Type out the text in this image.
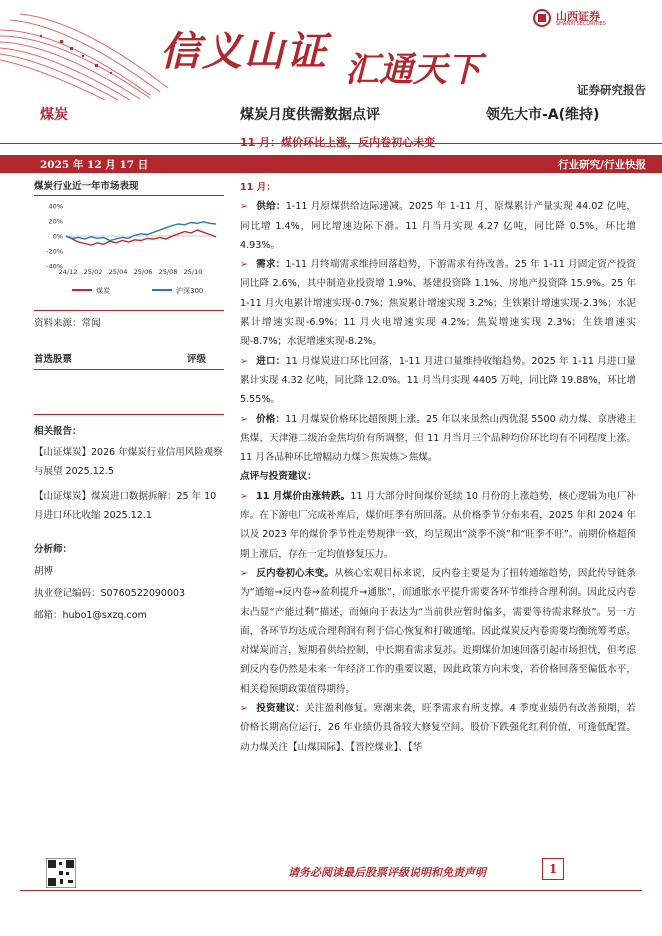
信义山证 汇通天下
山西证券
SHANXI SECURITIES
证券研究报告
煤炭	煤炭月度供需数据点评	领先大市-A(维持)
11 月：煤价环比上涨，反内卷初心未变
2025 年 12 月 17 日	行业研究/行业快报
煤炭行业近一年市场表现
40%
20%
0%
-20%
-40%
24/12 25/02 25/04 25/06 25/08 25/10
煤炭	沪深300
资料来源：常闻
首选股票	评级
相关报告：
【山证煤炭】2026 年煤炭行业信用风险观察与展望 2025.12.5
【山证煤炭】煤炭进口数据拆解：25 年 10 月进口环比收缩 2025.12.1
分析师：
胡博
执业登记编码：S0760522090003
邮箱：hubo1@sxzq.com

11 月：

➢ 供给：1-11 月原煤供给边际递减。2025 年 1-11 月，原煤累计产量实现 44.02 亿吨，同比增 1.4%，同比增速边际下滑。11 月当月实现 4.27 亿吨，同比降 0.5%，环比增 4.93%。

➢ 需求：1-11 月终端需求维持回落趋势，下游需求有待改善。25 年 1-11 月固定资产投资同比降 2.6%，其中制造业投资增 1.9%、基建投资降 1.1%、房地产投资降 15.9%。25 年 1-11 月火电累计增速实现-0.7%；焦炭累计增速实现 3.2%；生铁累计增速实现-2.3%；水泥累计增速实现-6.9%；11 月火电增速实现 4.2%；焦炭增速实现 2.3%；生铁增速实现-8.7%；水泥增速实现-8.2%。

➢ 进口：11 月煤炭进口环比回落，1-11 月进口量维持收缩趋势。2025 年 1-11 月进口量累计实现 4.32 亿吨，同比降 12.0%。11 月当月实现 4405 万吨，同比降 19.88%，环比增 5.55%。

➢ 价格：11 月煤炭价格环比超预期上涨。25 年以来虽然山西优混 5500 动力煤、京唐港主焦煤、天津港二级冶金焦均价有所调整，但 11 月当月三个品种均价环比均有不同程度上涨。11 月各品种环比增幅动力煤＞焦炭炼＞焦煤。

点评与投资建议：

➢ 11 月煤价由涨转跌。11 月大部分时间煤价延续 10 月份的上涨趋势，核心逻辑为电厂补库。在下游电厂完成补库后，煤价旺季有所回落。从价格季节分布来看，2025 年和 2024 年以及 2023 年的煤价季节性走势规律一致，均呈现出“淡季不淡”和“旺季不旺”。前期价格超预期上涨后，存在一定均值修复压力。

➢ 反内卷初心未变。从核心宏观目标来说，反内卷主要是为了扭转通缩趋势，因此传导链条为“通缩→反内卷→盈利提升→通胀”，而通胀水平提升需要各环节维持合理利润。因此反内卷末凸显“产能过剩”描述，而倾向于表达为“当前供应暂时偏多，需要等待需求释放”。另一方面，各环节均达成合理利润有利于信心恢复和打破通缩。因此煤炭反内卷需要均衡统筹考虑。对煤炭而言，短期看供给控制，中长期看需求复苏。近期煤价加速回落引起市场担忧，但考虑到反内卷仍然是未来一年经济工作的重要议题，因此政策方向未变，若价格回落至偏低水平，相关稳预期政策值得期待。

➢ 投资建议：关注盈利修复。寒潮来袭，旺季需求有所支撑。4 季度业绩仍有改善预期，若价格长期高位运行，26 年业绩仍具备较大修复空间。股价下跌强化红利价值，可逢低配置。动力煤关注【山煤国际】、【晋控煤业】、【华

请务必阅读最后股票评级说明和免责声明	1
